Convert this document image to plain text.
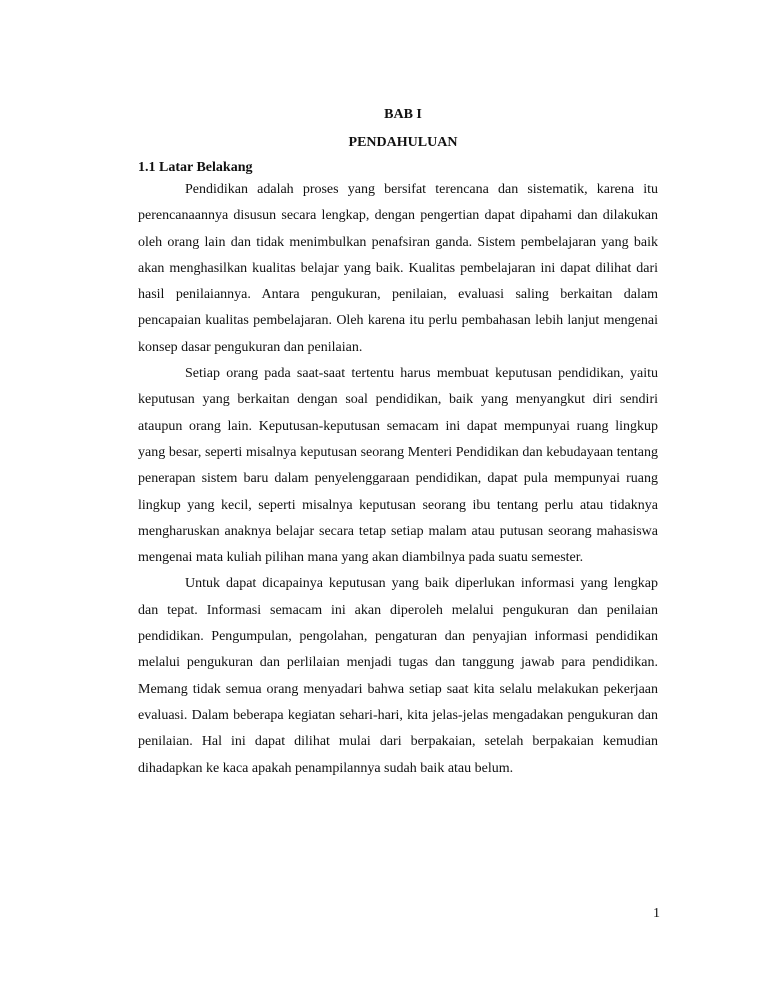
BAB I
PENDAHULUAN
1.1 Latar Belakang

Pendidikan adalah proses yang bersifat terencana dan sistematik, karena itu perencanaannya disusun secara lengkap, dengan pengertian dapat dipahami dan dilakukan oleh orang lain dan tidak menimbulkan penafsiran ganda. Sistem pembelajaran yang baik akan menghasilkan kualitas belajar yang baik. Kualitas pembelajaran ini dapat dilihat dari hasil penilaiannya. Antara pengukuran, penilaian, evaluasi saling berkaitan dalam pencapaian kualitas pembelajaran. Oleh karena itu perlu pembahasan lebih lanjut mengenai konsep dasar pengukuran dan penilaian.

Setiap orang pada saat-saat tertentu harus membuat keputusan pendidikan, yaitu keputusan yang berkaitan dengan soal pendidikan, baik yang menyangkut diri sendiri ataupun orang lain. Keputusan-keputusan semacam ini dapat mempunyai ruang lingkup yang besar, seperti misalnya keputusan seorang Menteri Pendidikan dan kebudayaan tentang penerapan sistem baru dalam penyelenggaraan pendidikan, dapat pula mempunyai ruang lingkup yang kecil, seperti misalnya keputusan seorang ibu tentang perlu atau tidaknya mengharuskan anaknya belajar secara tetap setiap malam atau putusan seorang mahasiswa mengenai mata kuliah pilihan mana yang akan diambilnya pada suatu semester.

Untuk dapat dicapainya keputusan yang baik diperlukan informasi yang lengkap dan tepat. Informasi semacam ini akan diperoleh melalui pengukuran dan penilaian pendidikan. Pengumpulan, pengolahan, pengaturan dan penyajian informasi pendidikan melalui pengukuran dan perlilaian menjadi tugas dan tanggung jawab para pendidikan. Memang tidak semua orang menyadari bahwa setiap saat kita selalu melakukan pekerjaan evaluasi. Dalam beberapa kegiatan sehari-hari, kita jelas-jelas mengadakan pengukuran dan penilaian. Hal ini dapat dilihat mulai dari berpakaian, setelah berpakaian kemudian dihadapkan ke kaca apakah penampilannya sudah baik atau belum.

1
